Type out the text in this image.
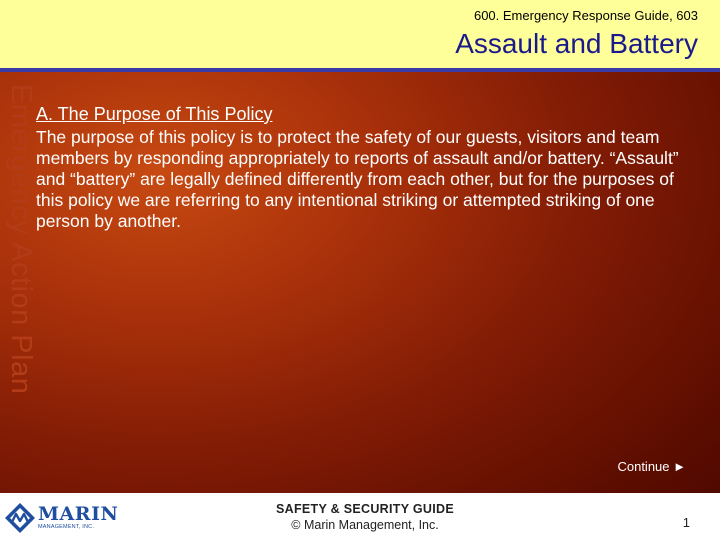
600. Emergency Response Guide, 603
Assault and Battery
Emergency Action Plan A. The Purpose of This Policy

The purpose of this policy is to protect the safety of our guests, visitors and team members by responding appropriately to reports of assault and/or battery. “Assault” and “battery” are legally defined differently from each other, but for the purposes of this policy we are referring to any intentional striking or attempted striking of one person by another.

Continue ►
MARIN
MANAGEMENT, INC.
SAFETY & SECURITY GUIDE
© Marin Management, Inc.	1
